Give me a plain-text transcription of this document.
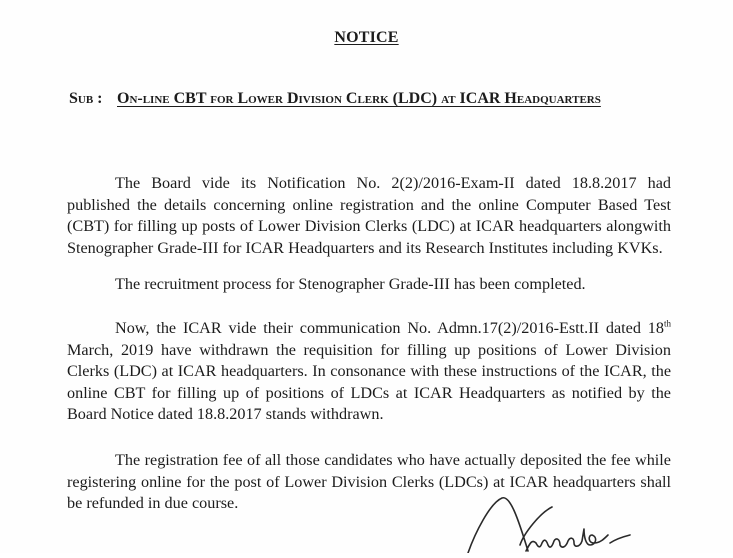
NOTICE
Sub : On-line CBT for Lower Division Clerk (LDC) at ICAR Headquarters

The Board vide its Notification No. 2(2)/2016-Exam-II dated 18.8.2017 had published the details concerning online registration and the online Computer Based Test (CBT) for filling up posts of Lower Division Clerks (LDC) at ICAR headquarters alongwith Stenographer Grade-III for ICAR Headquarters and its Research Institutes including KVKs.

The recruitment process for Stenographer Grade-III has been completed.

Now, the ICAR vide their communication No. Admn.17(2)/2016-Estt.II dated 18th March, 2019 have withdrawn the requisition for filling up positions of Lower Division Clerks (LDC) at ICAR headquarters. In consonance with these instructions of the ICAR, the online CBT for filling up of positions of LDCs at ICAR Headquarters as notified by the Board Notice dated 18.8.2017 stands withdrawn.

The registration fee of all those candidates who have actually deposited the fee while registering online for the post of Lower Division Clerks (LDCs) at ICAR headquarters shall be refunded in due course.
